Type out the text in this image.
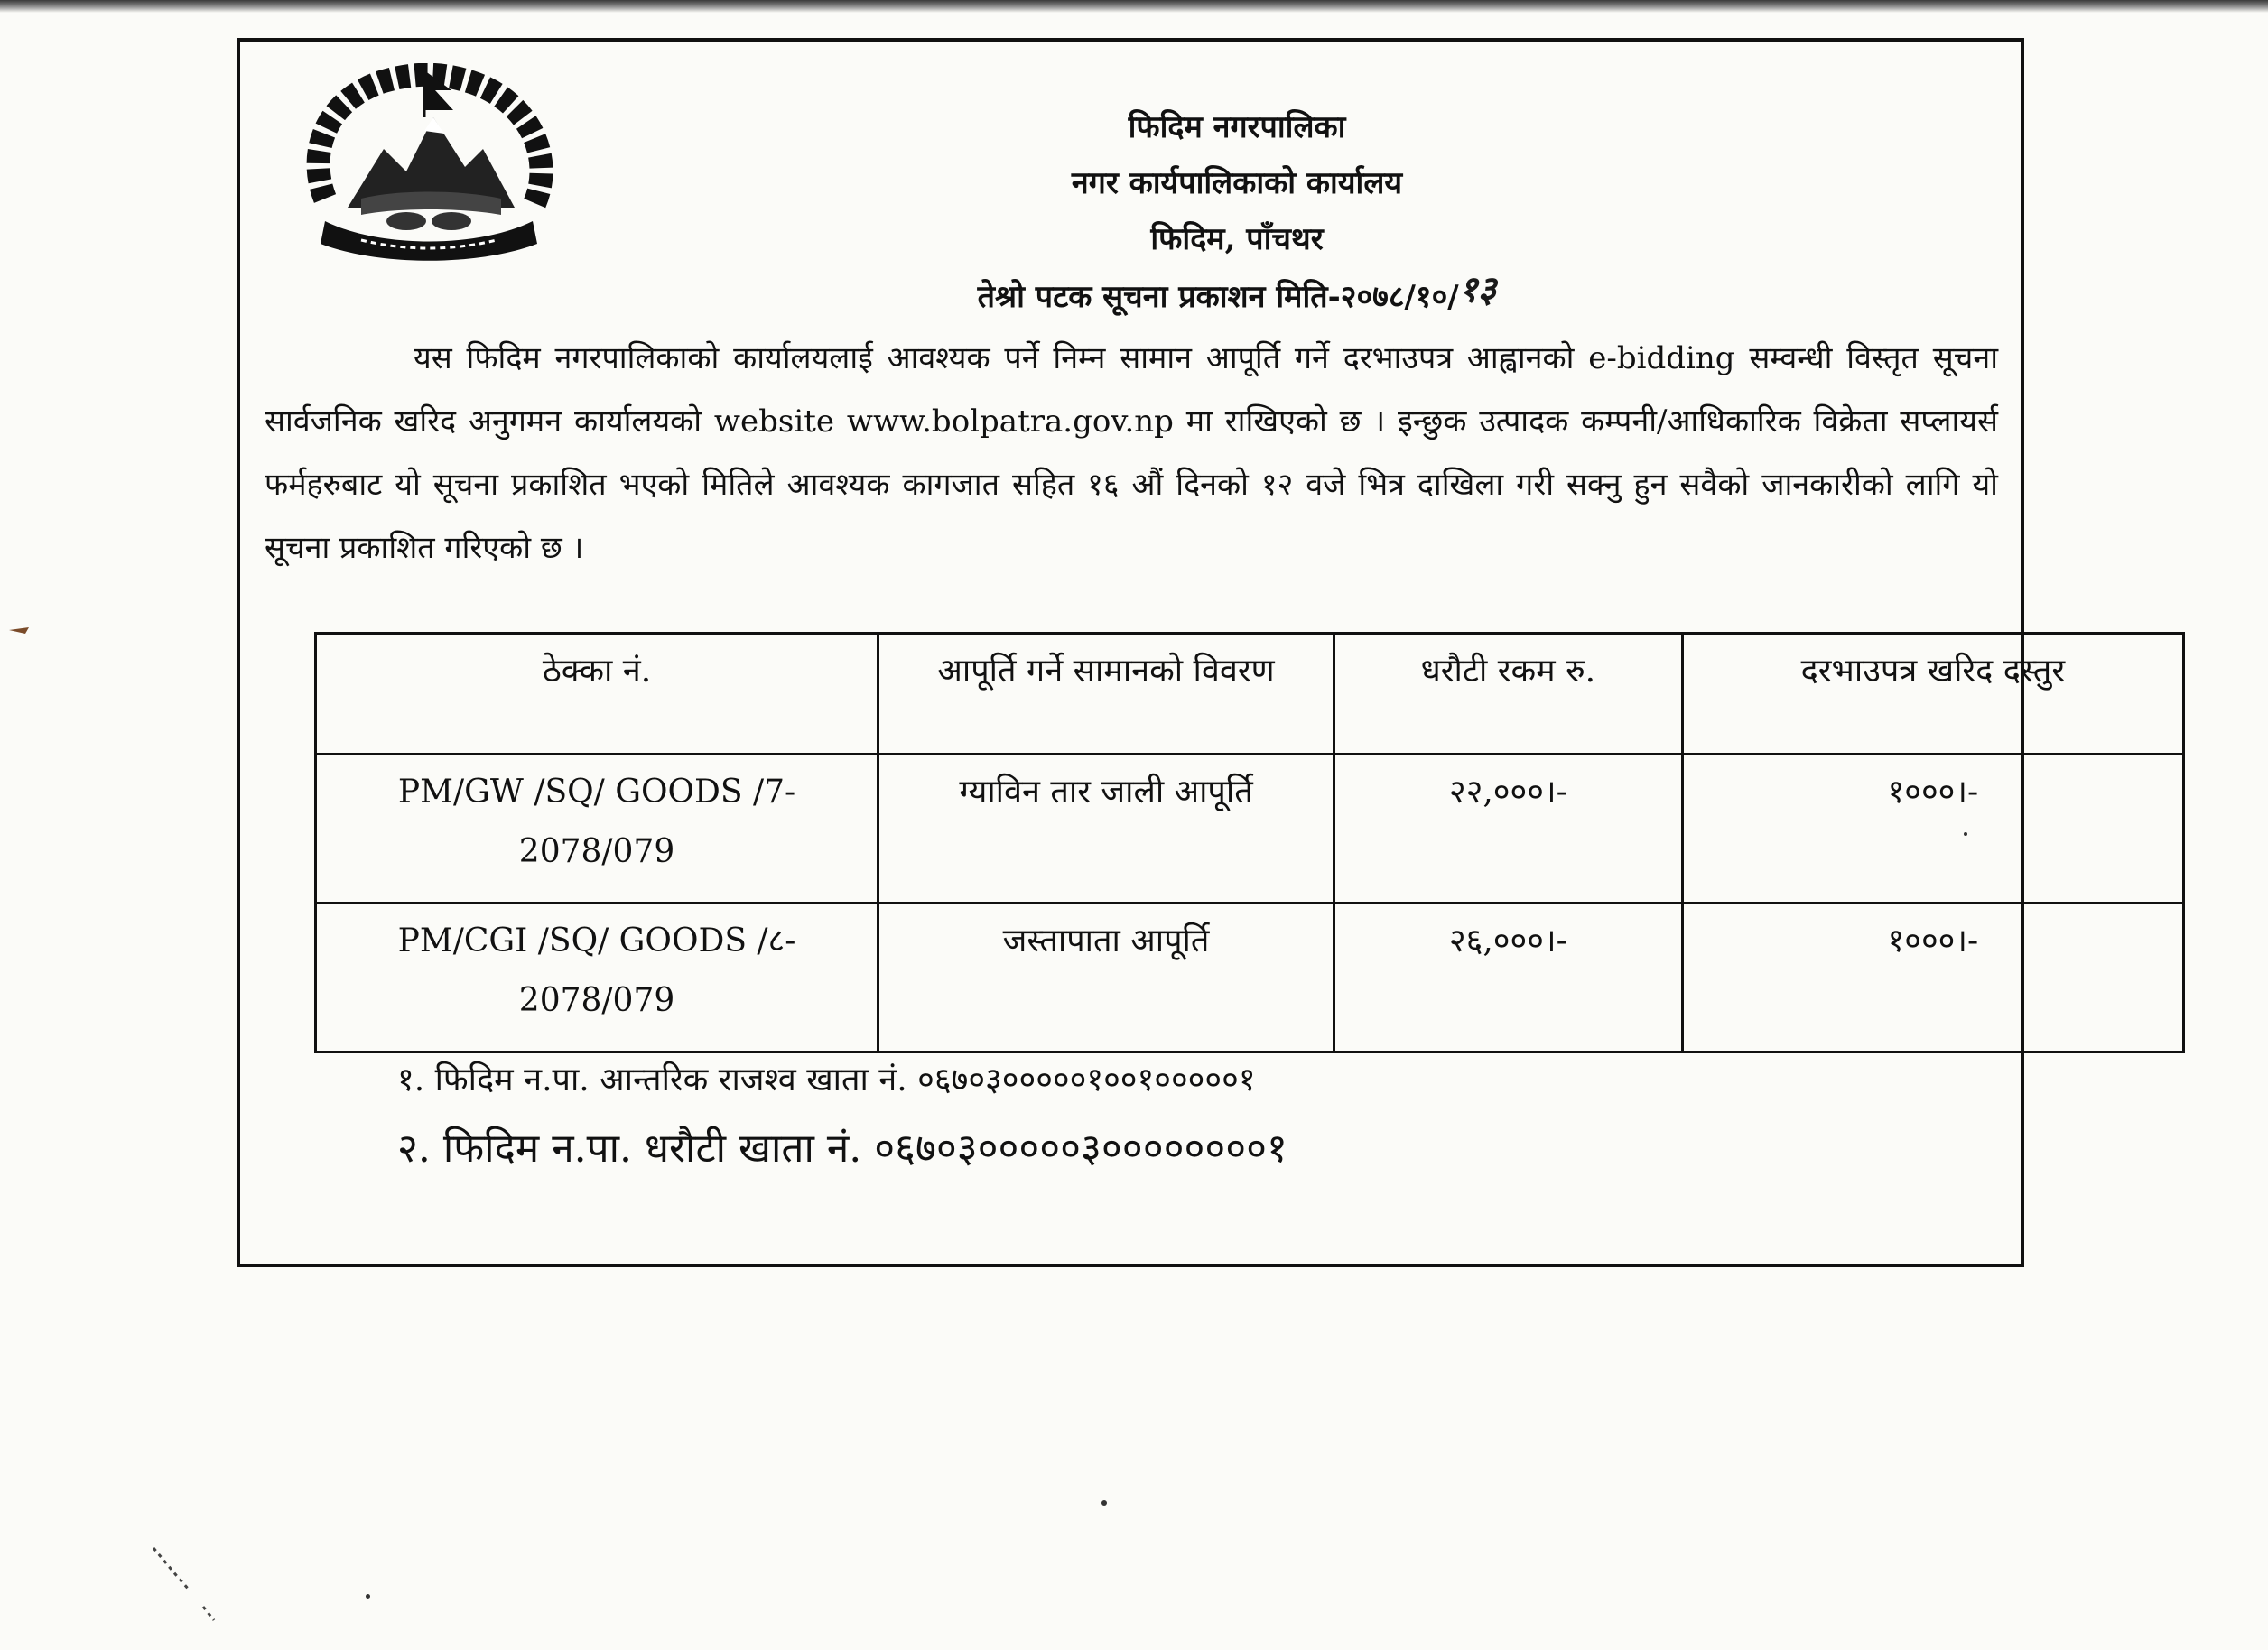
फिदिम नगरपालिका
नगर कार्यपालिकाको कार्यालय
फिदिम, पाँचथर
तेश्रो पटक सूचना प्रकाशन मिति-२०७८/१०/१३

यस फिदिम नगरपालिकाको कार्यालयलाई आवश्यक पर्ने निम्न सामान आपूर्ति गर्ने दरभाउपत्र आह्वानको e-bidding सम्वन्धी विस्तृत सूचना सार्वजनिक खरिद अनुगमन कार्यालयको website www.bolpatra.gov.np मा राखिएको छ । इन्छुक उत्पादक कम्पनी/आधिकारिक विक्रेता सप्लायर्स फर्महरुबाट यो सूचना प्रकाशित भएको मितिले आवश्यक कागजात सहित १६ औं दिनको १२ वजे भित्र दाखिला गरी सक्नु हुन सवैको जानकारीको लागि यो सूचना प्रकाशित गरिएको छ ।

ठेक्का नं.	आपूर्ति गर्ने सामानको विवरण	धरौटी रकम रु.	दरभाउपत्र खरिद दस्तुर

PM/GW /SQ/ GOODS /7-
2078/079	ग्याविन तार जाली आपूर्ति	२२,०००।-	१०००।-

PM/CGI /SQ/ GOODS /८-
2078/079	जस्तापाता आपूर्ति	२६,०००।-	१०००।-
१. फिदिम न.पा. आन्तरिक राजश्व खाता नं. ०६७०३०००००१००१०००००१
२. फिदिम न.पा. धरौटी खाता नं. ०६७०३०००००३००००००००१
